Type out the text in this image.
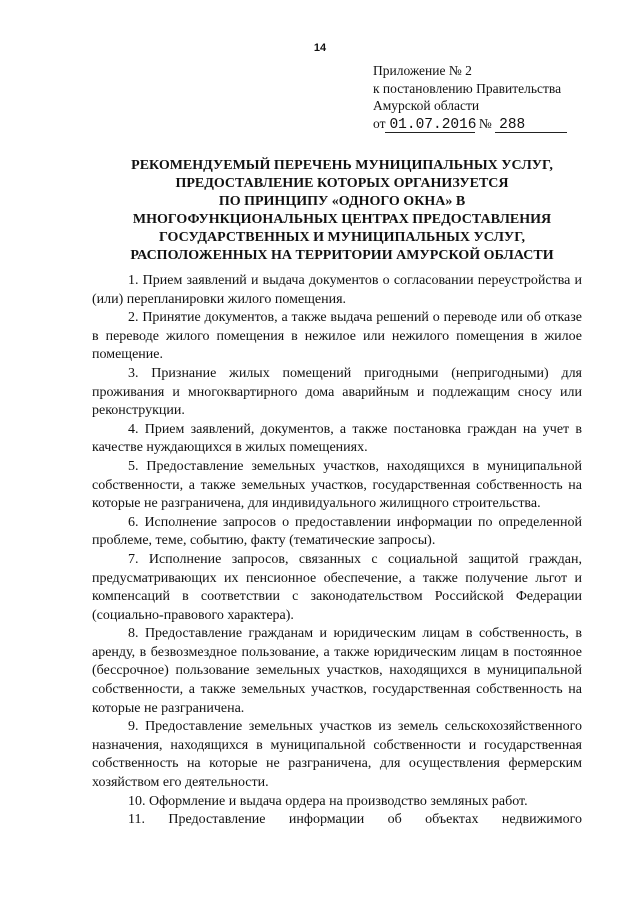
14
Приложение № 2
к постановлению Правительства
Амурской области
от 01.07.2016 № 288
РЕКОМЕНДУЕМЫЙ ПЕРЕЧЕНЬ МУНИЦИПАЛЬНЫХ УСЛУГ,
ПРЕДОСТАВЛЕНИЕ КОТОРЫХ ОРГАНИЗУЕТСЯ
ПО ПРИНЦИПУ «ОДНОГО ОКНА» В
МНОГОФУНКЦИОНАЛЬНЫХ ЦЕНТРАХ ПРЕДОСТАВЛЕНИЯ
ГОСУДАРСТВЕННЫХ И МУНИЦИПАЛЬНЫХ УСЛУГ,
РАСПОЛОЖЕННЫХ НА ТЕРРИТОРИИ АМУРСКОЙ ОБЛАСТИ

1. Прием заявлений и выдача документов о согласовании переустройства и (или) перепланировки жилого помещения.

2. Принятие документов, а также выдача решений о переводе или об отказе в переводе жилого помещения в нежилое или нежилого помещения в жилое помещение.

3. Признание жилых помещений пригодными (непригодными) для проживания и многоквартирного дома аварийным и подлежащим сносу или реконструкции.

4. Прием заявлений, документов, а также постановка граждан на учет в качестве нуждающихся в жилых помещениях.

5. Предоставление земельных участков, находящихся в муниципальной собственности, а также земельных участков, государственная собственность на которые не разграничена, для индивидуального жилищного строительства.

6. Исполнение запросов о предоставлении информации по определенной проблеме, теме, событию, факту (тематические запросы).

7. Исполнение запросов, связанных с социальной защитой граждан, предусматривающих их пенсионное обеспечение, а также получение льгот и компенсаций в соответствии с законодательством Российской Федерации (социально-правового характера).

8. Предоставление гражданам и юридическим лицам в собственность, в аренду, в безвозмездное пользование, а также юридическим лицам в постоянное (бессрочное) пользование земельных участков, находящихся в муниципальной собственности, а также земельных участков, государственная собственность на которые не разграничена.

9. Предоставление земельных участков из земель сельскохозяйственного назначения, находящихся в муниципальной собственности и государственная собственность на которые не разграничена, для осуществления фермерским хозяйством его деятельности.

10. Оформление и выдача ордера на производство земляных работ.

11. Предоставление информации об объектах недвижимого
